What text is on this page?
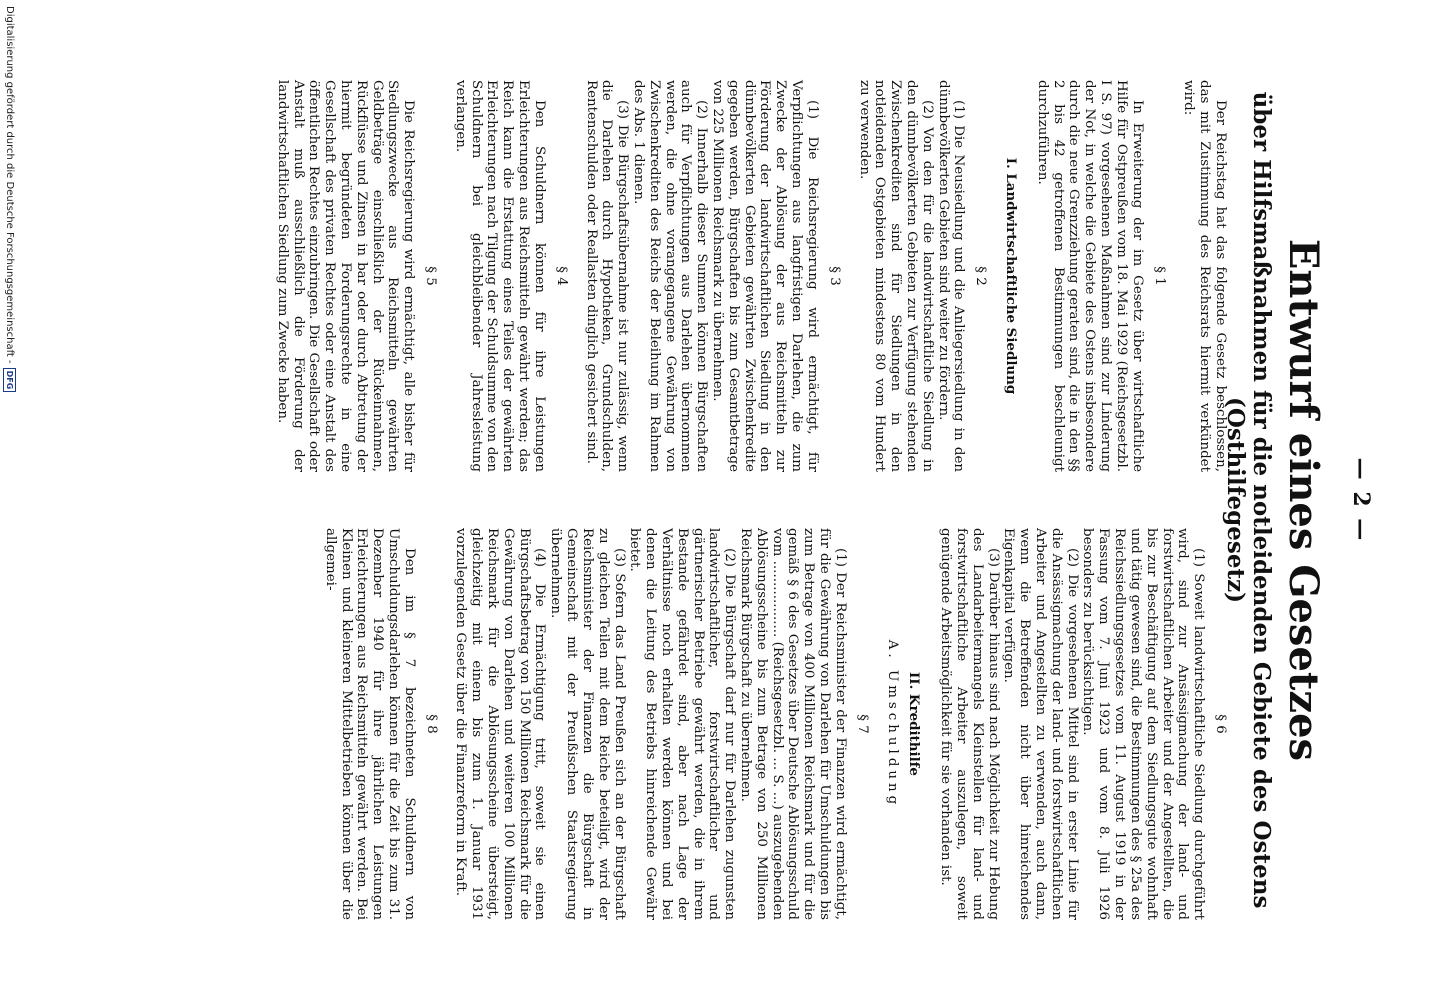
— 2 —
Entwurf eines Gesetzes
über Hilfsmaßnahmen für die notleidenden Gebiete des Ostens (Osthilfegesetz)

Der Reichstag hat das folgende Gesetz beschlossen, das mit Zustimmung des Reichsrats hiermit verkündet wird:

§ 1

In Erweiterung der im Gesetz über wirtschaftliche Hilfe für Ostpreußen vom 18. Mai 1929 (Reichsgesetzbl. I S. 97) vorgesehenen Maßnahmen sind zur Linderung der Not, in welche die Gebiete des Ostens insbesondere durch die neue Grenzziehung geraten sind, die in den §§ 2 bis 42 getroffenen Bestimmungen beschleunigt durchzuführen.

I. Landwirtschaftliche Siedlung
§ 2

(1) Die Neusiedlung und die Anliegersiedlung in den dünnbevölkerten Gebieten sind weiter zu fördern.

(2) Von den für die landwirtschaftliche Siedlung in den dünnbevölkerten Gebieten zur Verfügung stehenden Zwischenkrediten sind für Siedlungen in den notleidenden Ostgebieten mindestens 80 vom Hundert zu verwenden.

§ 3

(1) Die Reichsregierung wird ermächtigt, für Verpflichtungen aus langfristigen Darlehen, die zum Zwecke der Ablösung der aus Reichsmitteln zur Förderung der landwirtschaftlichen Siedlung in den dünnbevölkerten Gebieten gewährten Zwischenkredite gegeben werden, Bürgschaften bis zum Gesamtbetrage von 225 Millionen Reichsmark zu übernehmen.

(2) Innerhalb dieser Summen können Bürgschaften auch für Verpflichtungen aus Darlehen übernommen werden, die ohne vorangegangene Gewährung von Zwischenkrediten des Reichs der Beleihung im Rahmen des Abs. 1 dienen.

(3) Die Bürgschaftsübernahme ist nur zulässig, wenn die Darlehen durch Hypotheken, Grundschulden, Rentenschulden oder Reallasten dinglich gesichert sind.

§ 4

Den Schuldnern können für ihre Leistungen Erleichterungen aus Reichsmitteln gewährt werden; das Reich kann die Erstattung eines Teiles der gewährten Erleichterungen nach Tilgung der Schuldsumme von den Schuldnern bei gleichbleibender Jahresleistung verlangen.

§ 5

Die Reichsregierung wird ermächtigt, alle bisher für Siedlungszwecke aus Reichsmitteln gewährten Geldbeträge einschließlich der Rückeinnahmen, Rückflüsse und Zinsen in bar oder durch Abtretung der hiermit begründeten Forderungsrechte in eine Gesellschaft des privaten Rechtes oder eine Anstalt des öffentlichen Rechtes einzubringen. Die Gesellschaft oder Anstalt muß ausschließlich die Förderung der landwirtschaftlichen Siedlung zum Zwecke haben.

§ 6

(1) Soweit landwirtschaftliche Siedlung durchgeführt wird, sind zur Ansässigmachung der land- und forstwirtschaftlichen Arbeiter und der Angestellten, die bis zur Beschäftigung auf dem Siedlungsgute wohnhaft und tätig gewesen sind, die Bestimmungen des § 25a des Reichssiedlungsgesetzes vom 11. August 1919 in der Fassung vom 7. Juni 1923 und vom 8. Juli 1926 besonders zu berücksichtigen.

(2) Die vorgesehenen Mittel sind in erster Linie für die Ansässigmachung der land- und forstwirtschaftlichen Arbeiter und Angestellten zu verwenden, auch dann, wenn die Betreffenden nicht über hinreichendes Eigenkapital verfügen.

(3) Darüber hinaus sind nach Möglichkeit zur Hebung des Landarbeitermangels Kleinstellen für land- und forstwirtschaftliche Arbeiter auszulegen, soweit genügende Arbeitsmöglichkeit für sie vorhanden ist.

II. Kredithilfe
A. Umschuldung
§ 7

(1) Der Reichsminister der Finanzen wird ermächtigt, für die Gewährung von Darlehen für Umschuldungen bis zum Betrage von 400 Millionen Reichsmark und für die gemäß § 6 des Gesetzes über Deutsche Ablösungsschuld vom .................. (Reichsgesetzbl. ... S. ...) auszugebenden Ablösungsscheine bis zum Betrage von 250 Millionen Reichsmark Bürgschaft zu übernehmen.

(2) Die Bürgschaft darf nur für Darlehen zugunsten landwirtschaftlicher, forstwirtschaftlicher und gärtnerischer Betriebe gewährt werden, die in ihrem Bestande gefährdet sind, aber nach Lage der Verhältnisse noch erhalten werden können und bei denen die Leitung des Betriebs hinreichende Gewähr bietet.

(3) Sofern das Land Preußen sich an der Bürgschaft zu gleichen Teilen mit dem Reiche beteiligt, wird der Reichsminister der Finanzen die Bürgschaft in Gemeinschaft mit der Preußischen Staatsregierung übernehmen.

(4) Die Ermächtigung tritt, soweit sie einen Bürgschaftsbetrag von 150 Millionen Reichsmark für die Gewährung von Darlehen und weiteren 100 Millionen Reichsmark für die Ablösungsscheine übersteigt, gleichzeitig mit einem bis zum 1. Januar 1931 vorzulegenden Gesetz über die Finanzreform in Kraft.

§ 8

Den im § 7 bezeichneten Schuldnern von Umschuldungsdarlehen können für die Zeit bis zum 31. Dezember 1940 für ihre jährlichen Leistungen Erleichterungen aus Reichsmitteln gewährt werden. Bei Kleinen und kleineren Mittelbetrieben können über die allgemei-

Digitalisierung gefördert durch die Deutsche Forschungsgemeinschaft -
DFG
